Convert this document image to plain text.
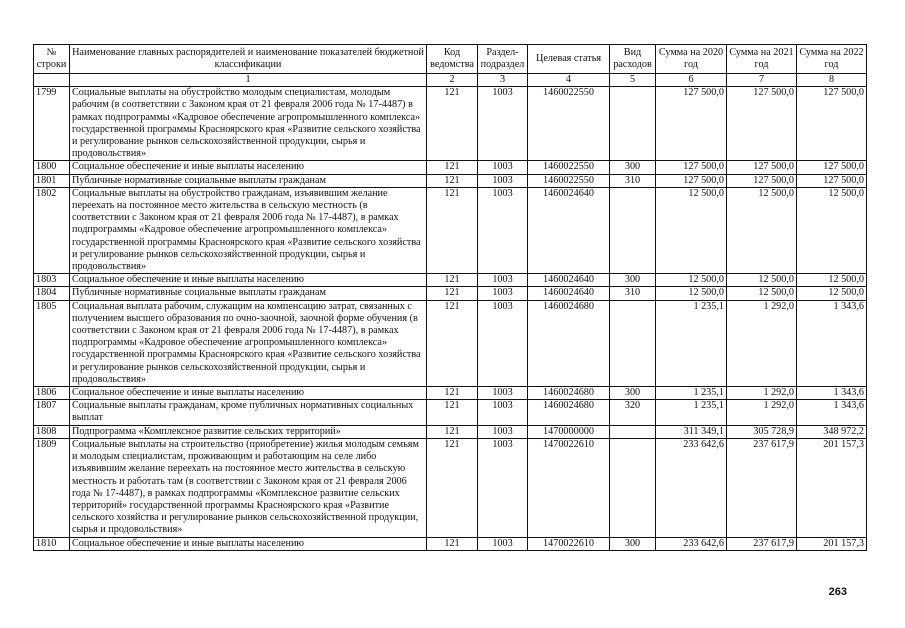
№ строки	Наименование главных распорядителей и наименование показателей бюджетной классификации	Код ведомства	Раздел-подраздел	Целевая статья	Вид расходов	Сумма на 2020 год	Сумма на 2021 год	Сумма на 2022 год
	1	2	3	4	5	6	7	8
1799	Социальные выплаты на обустройство молодым специалистам, молодым рабочим (в соответствии с Законом края от 21 февраля 2006 года № 17-4487) в рамках подпрограммы «Кадровое обеспечение агропромышленного комплекса» государственной программы Красноярского края «Развитие сельского хозяйства и регулирование рынков сельскохозяйственной продукции, сырья и продовольствия»	121	1003	1460022550		127 500,0	127 500,0	127 500,0
1800	Социальное обеспечение и иные выплаты населению	121	1003	1460022550	300	127 500,0	127 500,0	127 500,0
1801	Публичные нормативные социальные выплаты гражданам	121	1003	1460022550	310	127 500,0	127 500,0	127 500,0
1802	Социальные выплаты на обустройство гражданам, изъявившим желание переехать на постоянное место жительства в сельскую местность (в соответствии с Законом края от 21 февраля 2006 года № 17-4487), в рамках подпрограммы «Кадровое обеспечение агропромышленного комплекса» государственной программы Красноярского края «Развитие сельского хозяйства и регулирование рынков сельскохозяйственной продукции, сырья и продовольствия»	121	1003	1460024640		12 500,0	12 500,0	12 500,0
1803	Социальное обеспечение и иные выплаты населению	121	1003	1460024640	300	12 500,0	12 500,0	12 500,0
1804	Публичные нормативные социальные выплаты гражданам	121	1003	1460024640	310	12 500,0	12 500,0	12 500,0
1805	Социальная выплата рабочим, служащим на компенсацию затрат, связанных с получением высшего образования по очно-заочной, заочной форме обучения (в соответствии с Законом края от 21 февраля 2006 года № 17-4487), в рамках подпрограммы «Кадровое обеспечение агропромышленного комплекса» государственной программы Красноярского края «Развитие сельского хозяйства и регулирование рынков сельскохозяйственной продукции, сырья и продовольствия»	121	1003	1460024680		1 235,1	1 292,0	1 343,6
1806	Социальное обеспечение и иные выплаты населению	121	1003	1460024680	300	1 235,1	1 292,0	1 343,6
1807	Социальные выплаты гражданам, кроме публичных нормативных социальных выплат	121	1003	1460024680	320	1 235,1	1 292,0	1 343,6
1808	Подпрограмма «Комплексное развитие сельских территорий»	121	1003	1470000000		311 349,1	305 728,9	348 972,2
1809	Социальные выплаты на строительство (приобретение) жилья молодым семьям и молодым специалистам, проживающим и работающим на селе либо изъявившим желание переехать на постоянное место жительства в сельскую местность и работать там (в соответствии с Законом края от 21 февраля 2006 года № 17-4487), в рамках подпрограммы «Комплексное развитие сельских территорий» государственной программы Красноярского края «Развитие сельского хозяйства и регулирование рынков сельскохозяйственной продукции, сырья и продовольствия»	121	1003	1470022610		233 642,6	237 617,9	201 157,3
1810	Социальное обеспечение и иные выплаты населению	121	1003	1470022610	300	233 642,6	237 617,9	201 157,3
263
